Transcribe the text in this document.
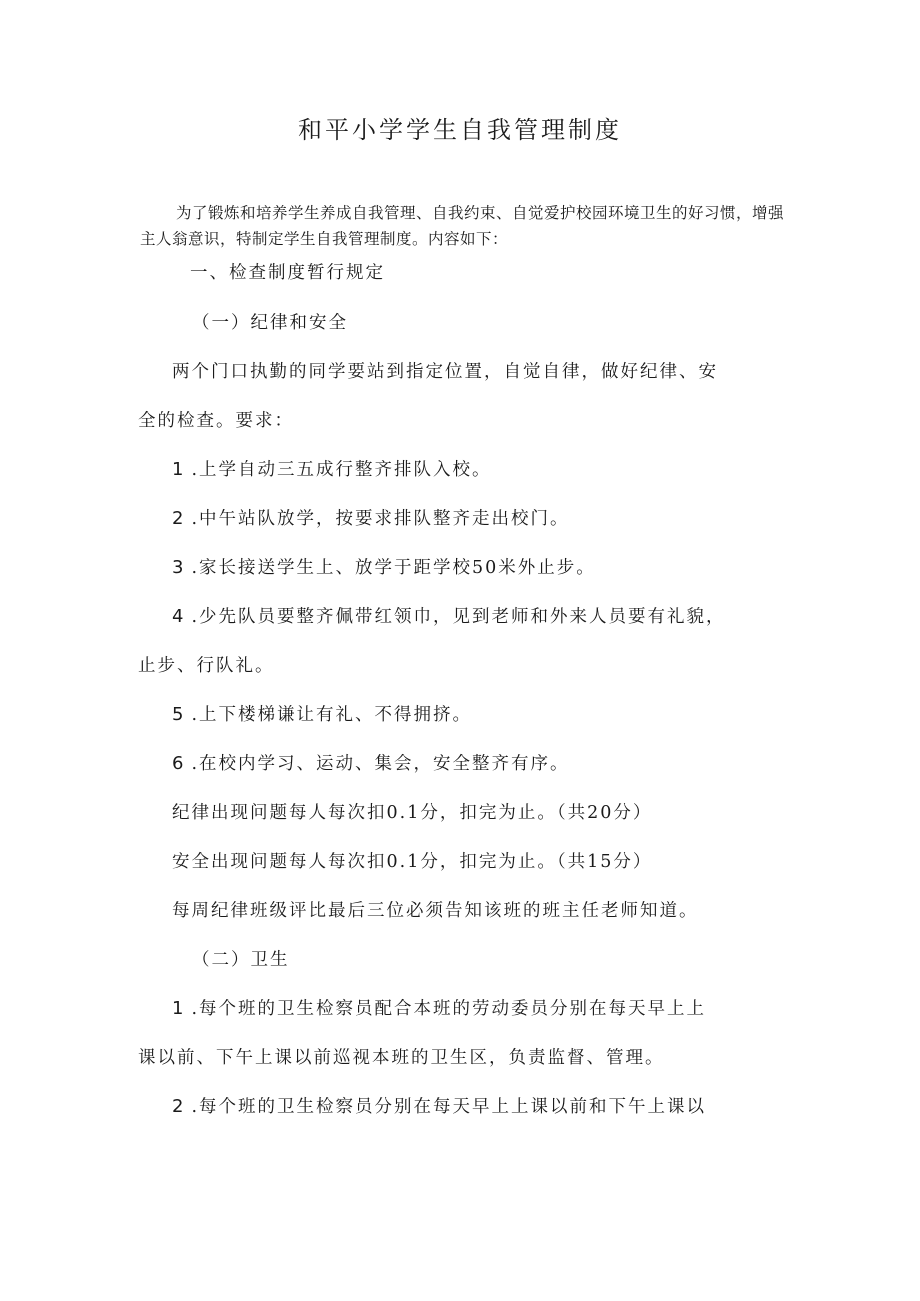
和平小学学生自我管理制度

为了锻炼和培养学生养成自我管理、自我约束、自觉爱护校园环境卫生的好习惯，增强主人翁意识，特制定学生自我管理制度。内容如下：

一、检查制度暂行规定

（一）纪律和安全

两个门口执勤的同学要站到指定位置，自觉自律，做好纪律、安

全的检查。要求：

1 .上学自动三五成行整齐排队入校。

2 .中午站队放学，按要求排队整齐走出校门。

3 .家长接送学生上、放学于距学校50米外止步。

4 .少先队员要整齐佩带红领巾，见到老师和外来人员要有礼貌，

止步、行队礼。

5 .上下楼梯谦让有礼、不得拥挤。

6 .在校内学习、运动、集会，安全整齐有序。

纪律出现问题每人每次扣0.1分，扣完为止。（共20分）

安全出现问题每人每次扣0.1分，扣完为止。（共15分）

每周纪律班级评比最后三位必须告知该班的班主任老师知道。

（二）卫生

1 .每个班的卫生检察员配合本班的劳动委员分别在每天早上上

课以前、下午上课以前巡视本班的卫生区，负责监督、管理。

2 .每个班的卫生检察员分别在每天早上上课以前和下午上课以
